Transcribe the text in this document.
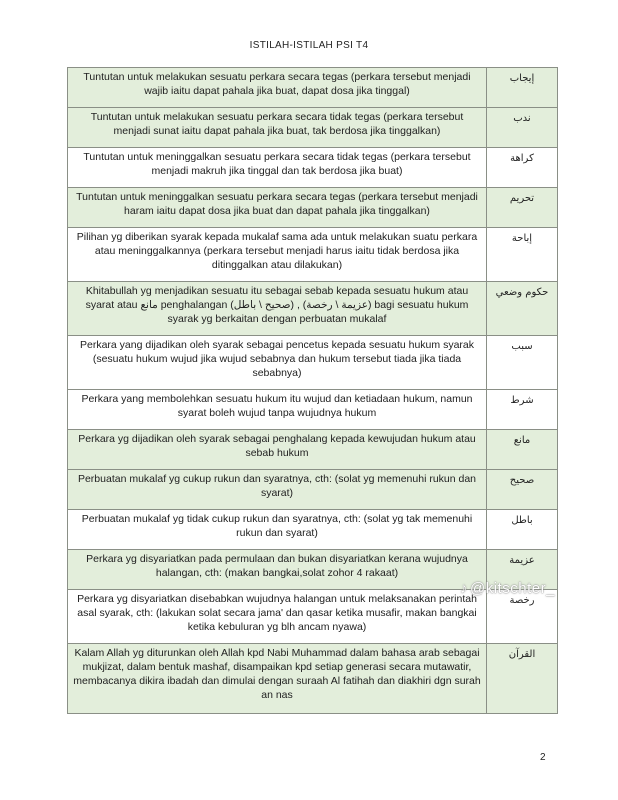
ISTILAH-ISTILAH PSI T4
Tuntutan untuk melakukan sesuatu perkara secara tegas (perkara tersebut menjadi wajib iaitu dapat pahala jika buat, dapat dosa jika tinggal)	إيجاب
Tuntutan untuk melakukan sesuatu perkara secara tidak tegas (perkara tersebut menjadi sunat iaitu dapat pahala jika buat, tak berdosa jika tinggalkan)	ندب
Tuntutan untuk meninggalkan sesuatu perkara secara tidak tegas (perkara tersebut menjadi makruh jika tinggal dan tak berdosa jika buat)	كراهة
Tuntutan untuk meninggalkan sesuatu perkara secara tegas (perkara tersebut menjadi haram iaitu dapat dosa jika buat dan dapat pahala jika tinggalkan)	تحريم
Pilihan yg diberikan syarak kepada mukalaf sama ada untuk melakukan suatu perkara atau meninggalkannya (perkara tersebut menjadi harus iaitu tidak berdosa jika ditinggalkan atau dilakukan)	إباحة
Khitabullah yg menjadikan sesuatu itu sebagai sebab kepada sesuatu hukum atau syarat atau مانع penghalangan (صحيح \ باطل) , (عزيمة \ رخصة) bagi sesuatu hukum syarak yg berkaitan dengan perbuatan mukalaf	حكوم وضعي
Perkara yang dijadikan oleh syarak sebagai pencetus kepada sesuatu hukum syarak (sesuatu hukum wujud jika wujud sebabnya dan hukum tersebut tiada jika tiada sebabnya)	سبب
Perkara yang membolehkan sesuatu hukum itu wujud dan ketiadaan hukum, namun syarat boleh wujud tanpa wujudnya hukum	شرط
Perkara yg dijadikan oleh syarak sebagai penghalang kepada kewujudan hukum atau sebab hukum	مانع
Perbuatan mukalaf yg cukup rukun dan syaratnya, cth: (solat yg memenuhi rukun dan syarat)	صحيح
Perbuatan mukalaf yg tidak cukup rukun dan syaratnya, cth: (solat yg tak memenuhi rukun dan syarat)	باطل
Perkara yg disyariatkan pada permulaan dan bukan disyariatkan kerana wujudnya halangan, cth: (makan bangkai,solat zohor 4 rakaat)	عزيمة
Perkara yg disyariatkan disebabkan wujudnya halangan untuk melaksanakan perintah asal syarak, cth: (lakukan solat secara jama' dan qasar ketika musafir, makan bangkai ketika kebuluran yg blh ancam nyawa)	رخصة
Kalam Allah yg diturunkan oleh Allah kpd Nabi Muhammad dalam bahasa arab sebagai mukjizat, dalam bentuk mashaf, disampaikan kpd setiap generasi secara mutawatir, membacanya dikira ibadah dan dimulai dengan suraah Al fatihah dan diakhiri dgn surah an nas	القرآن
♪ @kitschter_
2
